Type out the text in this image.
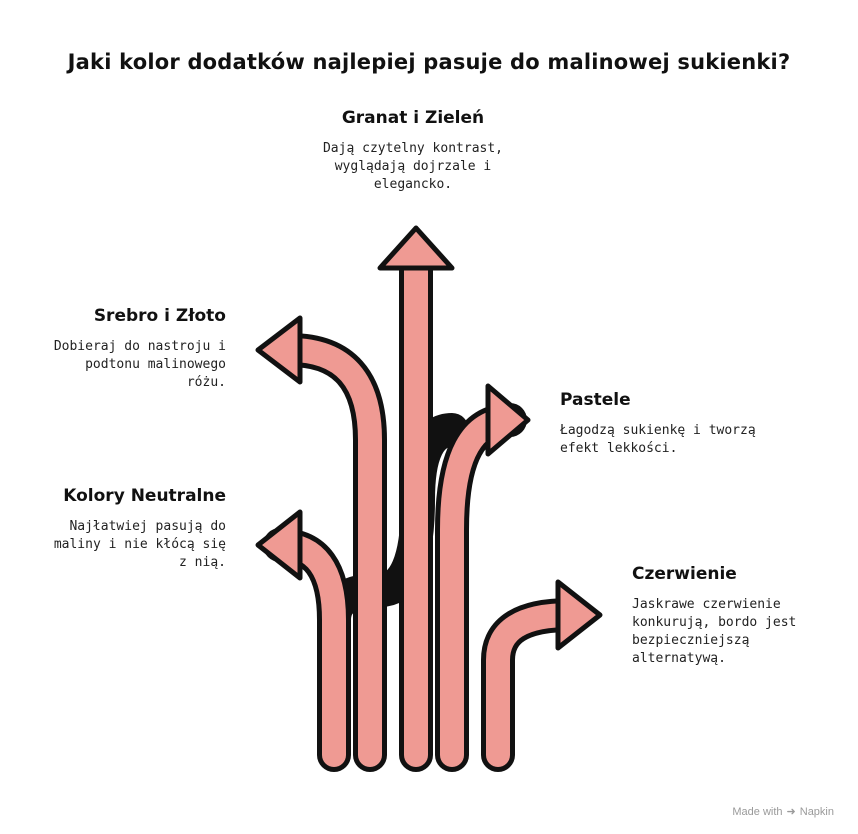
Jaki kolor dodatków najlepiej pasuje do malinowej sukienki?
Granat i Zieleń
Dają czytelny kontrast, wyglądają dojrzale i elegancko.
Srebro i Złoto
Dobieraj do nastroju i podtonu malinowego różu.
Pastele
Łagodzą sukienkę i tworzą efekt lekkości.
Kolory Neutralne
Najłatwiej pasują do maliny i nie kłócą się z nią.
Czerwienie
Jaskrawe czerwienie konkurują, bordo jest bezpieczniejszą alternatywą.
Made with ➜ Napkin
